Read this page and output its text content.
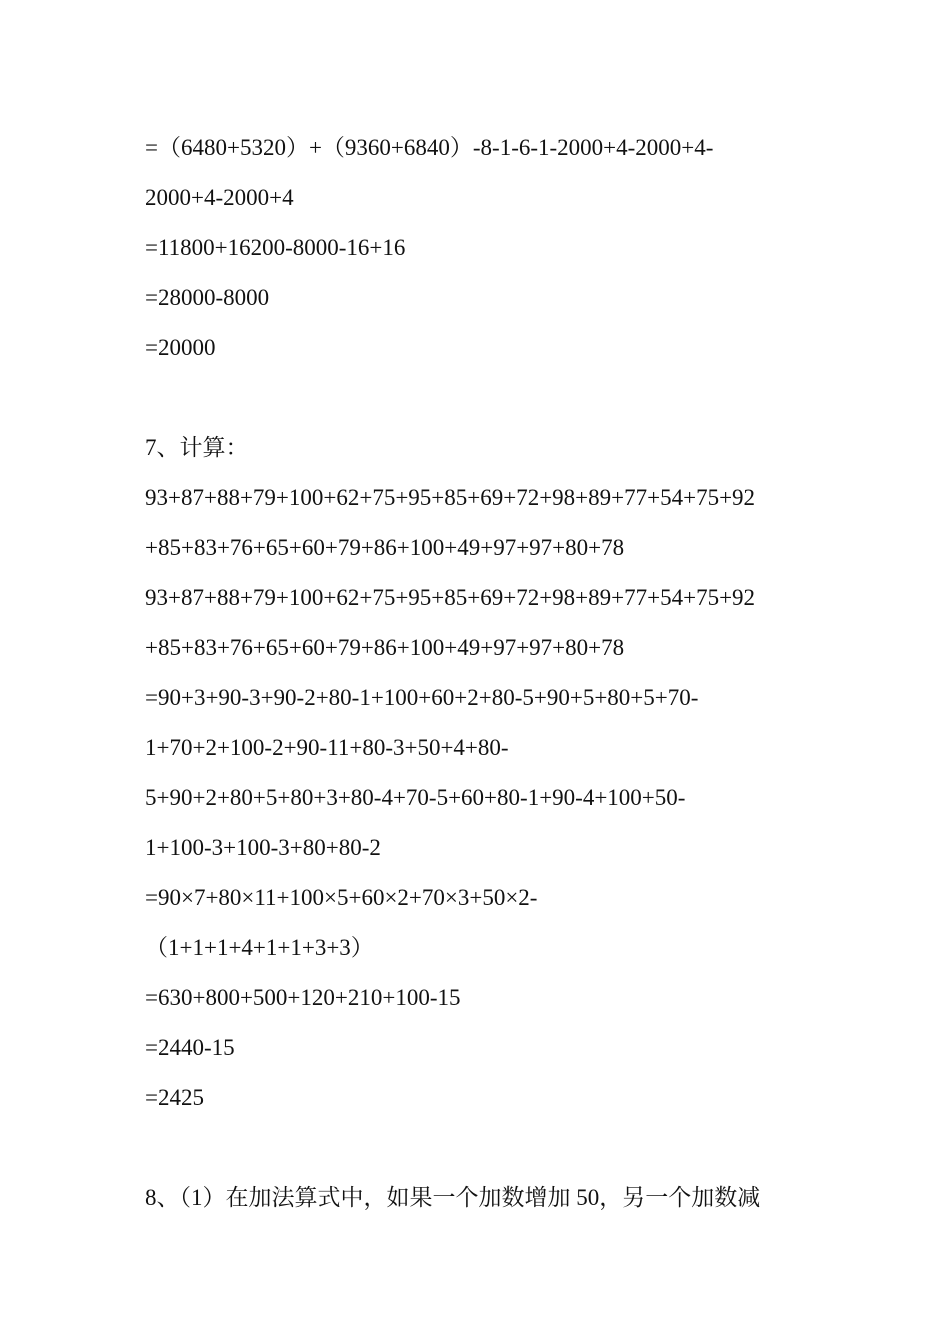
=（6480+5320）+（9360+6840）-8-1-6-1-2000+4-2000+4-
2000+4-2000+4
=11800+16200-8000-16+16
=28000-8000
=20000
7、计算：
93+87+88+79+100+62+75+95+85+69+72+98+89+77+54+75+92
+85+83+76+65+60+79+86+100+49+97+97+80+78
93+87+88+79+100+62+75+95+85+69+72+98+89+77+54+75+92
+85+83+76+65+60+79+86+100+49+97+97+80+78
=90+3+90-3+90-2+80-1+100+60+2+80-5+90+5+80+5+70-
1+70+2+100-2+90-11+80-3+50+4+80-
5+90+2+80+5+80+3+80-4+70-5+60+80-1+90-4+100+50-
1+100-3+100-3+80+80-2
=90×7+80×11+100×5+60×2+70×3+50×2-
（1+1+1+4+1+1+3+3）
=630+800+500+120+210+100-15
=2440-15
=2425
8、（1）在加法算式中，如果一个加数增加 50，另一个加数减
